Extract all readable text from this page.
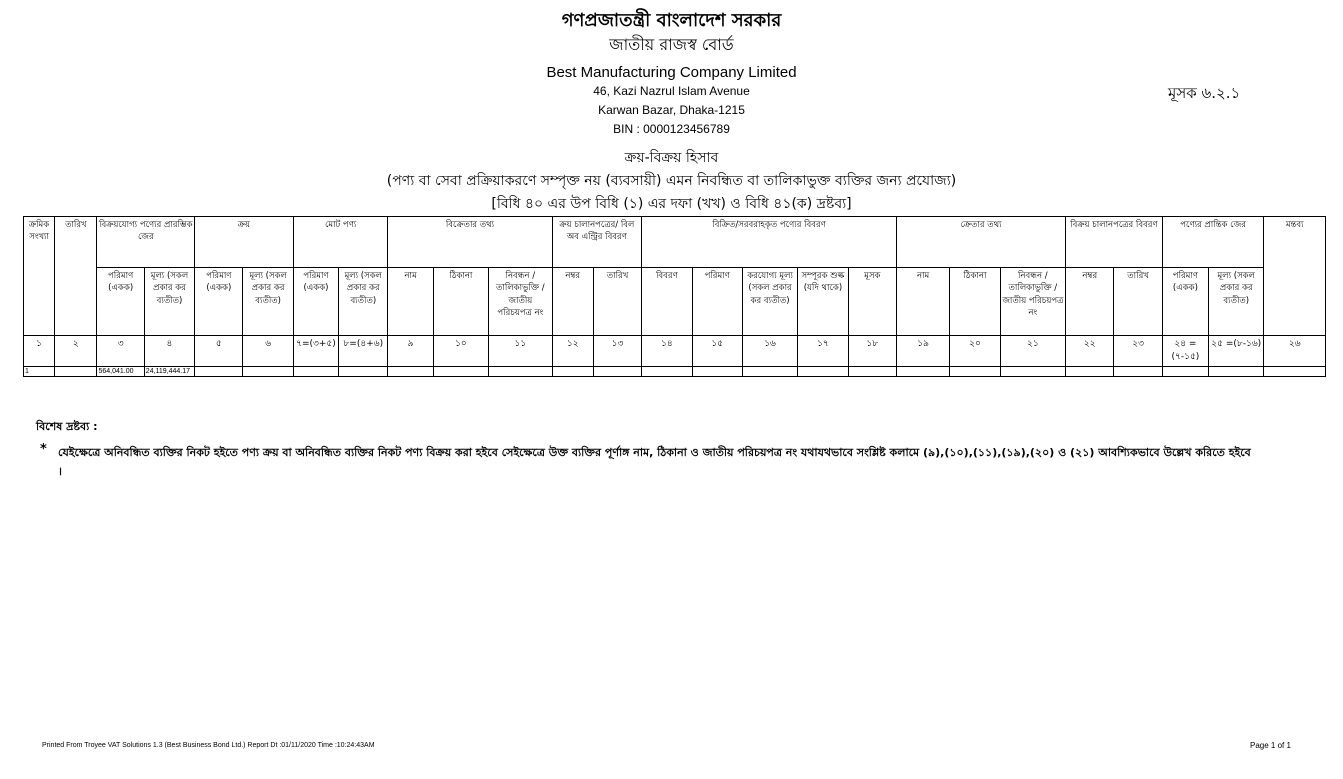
গণপ্রজাতন্ত্রী বাংলাদেশ সরকার
জাতীয় রাজস্ব বোর্ড
Best Manufacturing Company Limited
46, Kazi Nazrul Islam Avenue
Karwan Bazar, Dhaka-1215
BIN : 0000123456789
মূসক ৬.২.১
ক্রয়-বিক্রয় হিসাব
(পণ্য বা সেবা প্রক্রিয়াকরণে সম্পৃক্ত নয় (ব্যবসায়ী) এমন নিবন্ধিত বা তালিকাভুক্ত ব্যক্তির জন্য প্রযোজ্য)
[বিধি ৪০ এর উপ বিধি (১) এর দফা (খখ) ও বিধি ৪১(ক) দ্রষ্টব্য]
ক্রমিক সংখ্যা	তারিখ	বিক্রয়যোগ্য পণ্যের প্রারম্ভিক জের		ক্রয়		মোট পণ্য		বিক্রেতার তথ্য			ক্রয় চালানপত্রের/ বিল অব এন্ট্রির বিবরণ		বিক্রিত/সরবরাহকৃত পণ্যের বিবরণ					ক্রেতার তথ্য			বিক্রয় চালানপত্রের বিবরণ		পণ্যের প্রান্তিক জের		মন্তব্য
		পরিমাণ (একক)	মূল্য (সকল প্রকার কর ব্যতীত)	পরিমাণ (একক)	মূল্য (সকল প্রকার কর ব্যতীত)	পরিমাণ (একক)	মূল্য (সকল প্রকার কর ব্যতীত)	নাম	ঠিকানা	নিবন্ধন / তালিকাভুক্তি / জাতীয় পরিচয়পত্র নং	নম্বর	তারিখ	বিবরণ	পরিমাণ	করযোগ্য মূল্য (সকল প্রকার কর ব্যতীত)	সম্পূরক শুল্ক (যদি থাকে)	মূসক	নাম	ঠিকানা	নিবন্ধন / তালিকাভুক্তি / জাতীয় পরিচয়পত্র নং	নম্বর	তারিখ	পরিমাণ (একক)	মূল্য (সকল প্রকার কর ব্যতীত)	
১	২	৩	৪	৫	৬	৭=(৩+৫)	৮=(৪+৬)	৯	১০	১১	১২	১৩	১৪	১৫	১৬	১৭	১৮	১৯	২০	২১	২২	২৩	২৪ =(৭-১৫)	২৫ =(৮-১৬)	২৬
1		564,041.00	24,119,444.17																						
বিশেষ দ্রষ্টব্য :
* যেইক্ষেত্রে অনিবন্ধিত ব্যক্তির নিকট হইতে পণ্য ক্রয় বা অনিবন্ধিত ব্যক্তির নিকট পণ্য বিক্রয় করা হইবে সেইক্ষেত্রে উক্ত ব্যক্তির পূর্ণাঙ্গ নাম, ঠিকানা ও জাতীয় পরিচয়পত্র নং যথাযথভাবে সংশ্লিষ্ট কলামে (৯),(১০),(১১),(১৯),(২০) ও (২১) আবশ্যিকভাবে উল্লেখ করিতে হইবে ।
Printed From Troyee VAT Solutions 1.3 (Best Business Bond Ltd.) Report Dt :01/11/2020 Time :10:24:43AM	Page 1 of 1
